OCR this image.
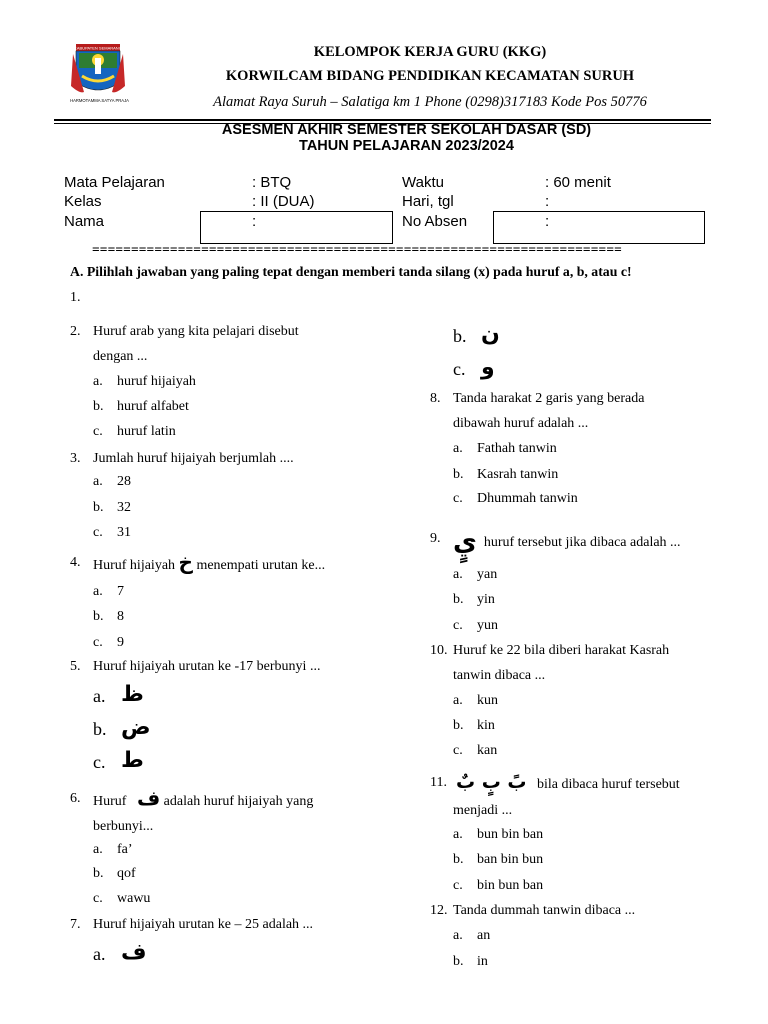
KABUPATEN SEMARANG
DHARMOTAMMA SATYA PRAJA
KELOMPOK KERJA GURU (KKG)
KORWILCAM BIDANG PENDIDIKAN KECAMATAN SURUH
Alamat Raya Suruh – Salatiga km 1 Phone (0298)317183 Kode Pos 50776
ASESMEN AKHIR SEMESTER SEKOLAH DASAR (SD)
TAHUN PELAJARAN 2023/2024
Mata Pelajaran	: BTQ	Waktu	: 60 menit
Kelas	: II (DUA)	Hari, tgl	:
Nama	:	No Absen	:
====================================================================
A. Pilihlah jawaban yang paling tepat dengan memberi tanda silang (x) pada huruf a, b, atau c!
1.
2. Huruf arab yang kita pelajari disebut
dengan ...
a. huruf hijaiyah
b. huruf alfabet
c. huruf latin
3. Jumlah huruf hijaiyah berjumlah ....
a. 28
b. 32
c. 31
4. Huruf hijaiyah خ menempati urutan ke...
a. 7
b. 8
c. 9
5. Huruf hijaiyah urutan ke -17 berbunyi ...
a. ظ
b. ض
c. ط
6. Huruf ف adalah huruf hijaiyah yang
berbunyi...
a. fa’
b. qof
c. wawu
7. Huruf hijaiyah urutan ke – 25 adalah ...
a. ف
b. ن
c. و
8. Tanda harakat 2 garis yang berada
dibawah huruf adalah ...
a. Fathah tanwin
b. Kasrah tanwin
c. Dhummah tanwin
9. يٍ huruf tersebut jika dibaca adalah ...
a. yan
b. yin
c. yun
10. Huruf ke 22 bila diberi harakat Kasrah
tanwin dibaca ...
a. kun
b. kin
c. kan
11. بً بٍ بٌ bila dibaca huruf tersebut
menjadi ...
a. bun bin ban
b. ban bin bun
c. bin bun ban
12. Tanda dummah tanwin dibaca ...
a. an
b. in
